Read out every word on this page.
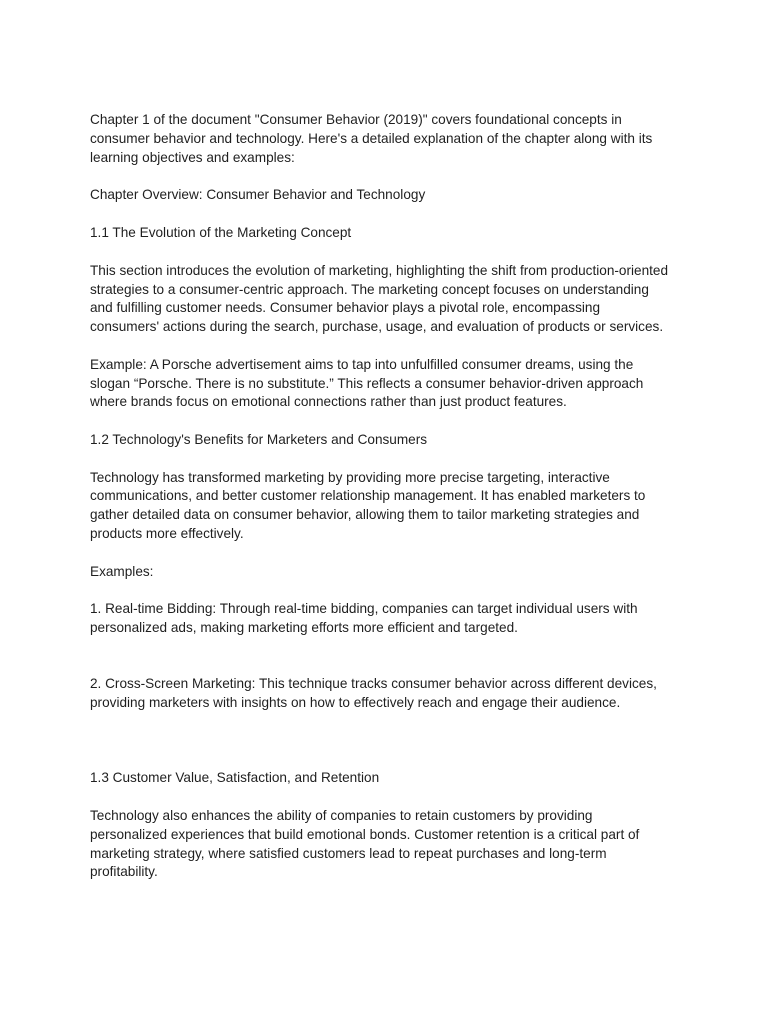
Chapter 1 of the document "Consumer Behavior (2019)" covers foundational concepts in

consumer behavior and technology. Here's a detailed explanation of the chapter along with its

learning objectives and examples:

Chapter Overview: Consumer Behavior and Technology

1.1 The Evolution of the Marketing Concept

This section introduces the evolution of marketing, highlighting the shift from production-oriented

strategies to a consumer-centric approach. The marketing concept focuses on understanding

and fulfilling customer needs. Consumer behavior plays a pivotal role, encompassing

consumers' actions during the search, purchase, usage, and evaluation of products or services.

Example: A Porsche advertisement aims to tap into unfulfilled consumer dreams, using the

slogan “Porsche. There is no substitute.” This reflects a consumer behavior-driven approach

where brands focus on emotional connections rather than just product features.

1.2 Technology's Benefits for Marketers and Consumers

Technology has transformed marketing by providing more precise targeting, interactive

communications, and better customer relationship management. It has enabled marketers to

gather detailed data on consumer behavior, allowing them to tailor marketing strategies and

products more effectively.

Examples:

1. Real-time Bidding: Through real-time bidding, companies can target individual users with

personalized ads, making marketing efforts more efficient and targeted.

2. Cross-Screen Marketing: This technique tracks consumer behavior across different devices,

providing marketers with insights on how to effectively reach and engage their audience.

1.3 Customer Value, Satisfaction, and Retention

Technology also enhances the ability of companies to retain customers by providing

personalized experiences that build emotional bonds. Customer retention is a critical part of

marketing strategy, where satisfied customers lead to repeat purchases and long-term

profitability.
